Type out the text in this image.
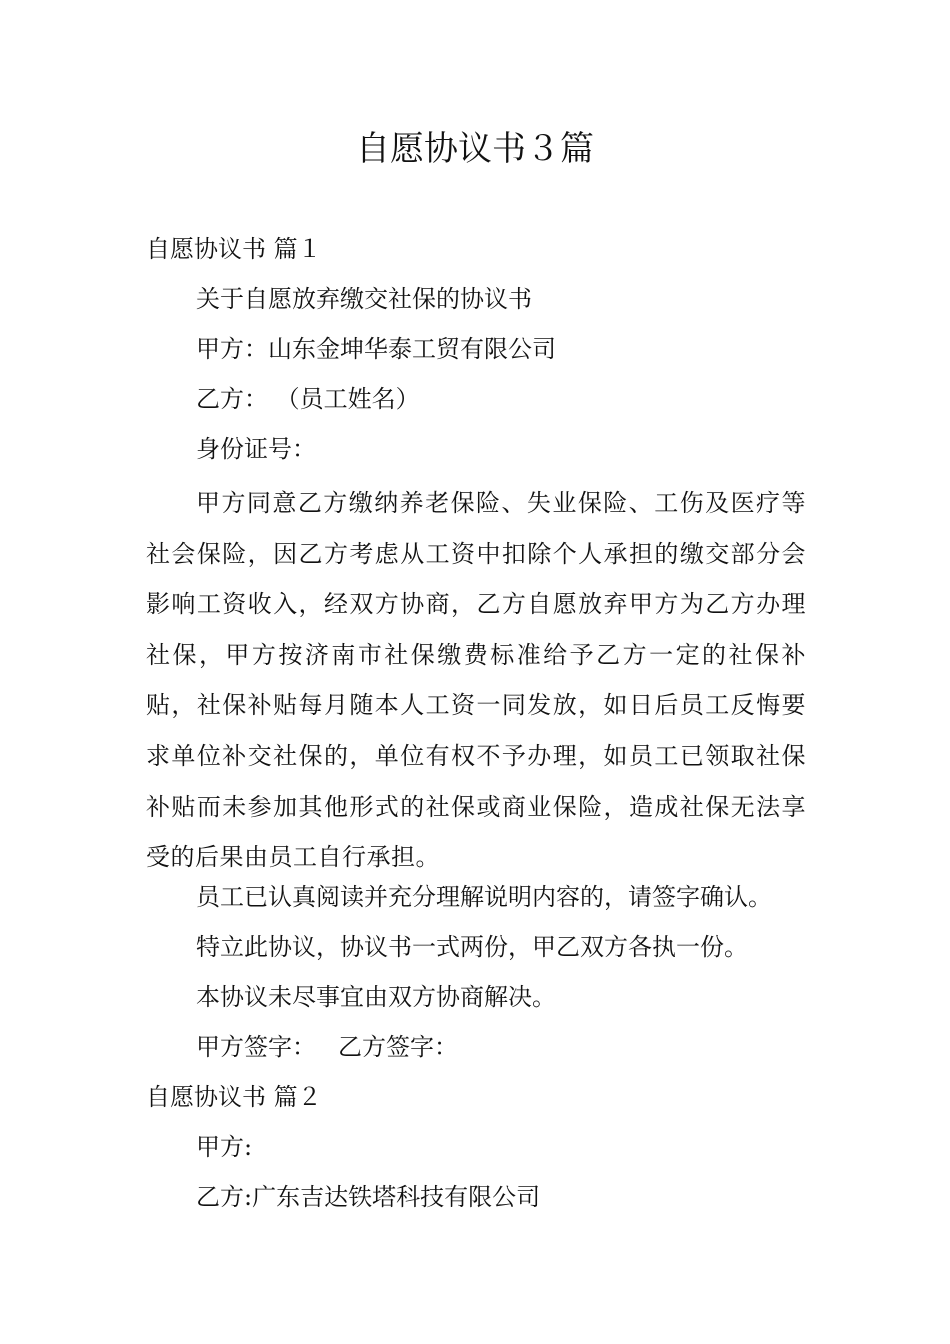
自愿协议书３篇
自愿协议书 篇１
关于自愿放弃缴交社保的协议书
甲方：山东金坤华泰工贸有限公司
乙方： （员工姓名）
身份证号：
甲方同意乙方缴纳养老保险、失业保险、工伤及医疗等社会保险，因乙方考虑从工资中扣除个人承担的缴交部分会影响工资收入，经双方协商，乙方自愿放弃甲方为乙方办理社保，甲方按济南市社保缴费标准给予乙方一定的社保补贴，社保补贴每月随本人工资一同发放，如日后员工反悔要求单位补交社保的，单位有权不予办理，如员工已领取社保补贴而未参加其他形式的社保或商业保险，造成社保无法享受的后果由员工自行承担。
员工已认真阅读并充分理解说明内容的，请签字确认。
特立此协议，协议书一式两份，甲乙双方各执一份。
本协议未尽事宜由双方协商解决。
甲方签字： 乙方签字：
自愿协议书 篇２
甲方:
乙方:广东吉达铁塔科技有限公司
